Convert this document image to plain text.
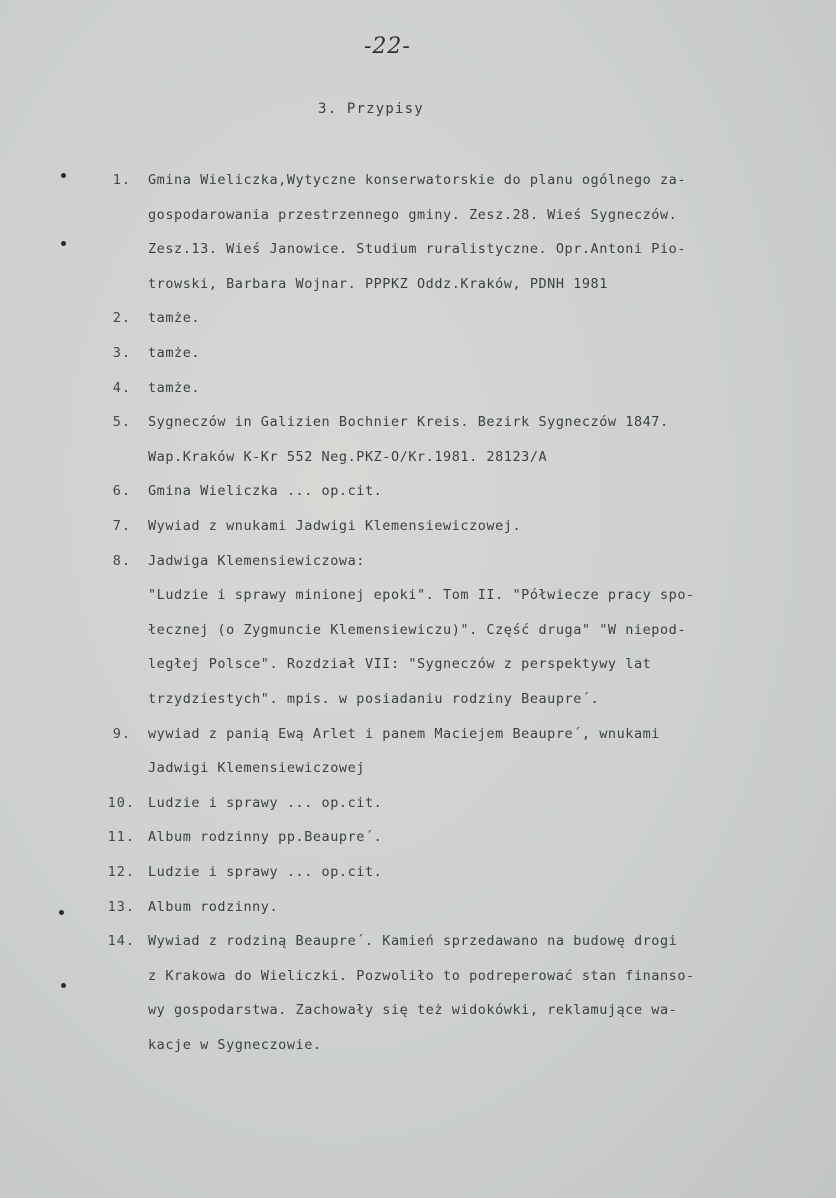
-22-
3. Przypisy
1. Gmina Wieliczka,Wytyczne konserwatorskie do planu ogólnego za-
gospodarowania przestrzennego gminy. Zesz.28. Wieś Sygneczów.
Zesz.13. Wieś Janowice. Studium ruralistyczne. Opr.Antoni Pio-
trowski, Barbara Wojnar. PPPKZ Oddz.Kraków, PDNH 1981
2. tamże.
3. tamże.
4. tamże.
5. Sygneczów in Galizien Bochnier Kreis. Bezirk Sygneczów 1847.
Wap.Kraków K-Kr 552 Neg.PKZ-O/Kr.1981. 28123/A
6. Gmina Wieliczka ... op.cit.
7. Wywiad z wnukami Jadwigi Klemensiewiczowej.
8. Jadwiga Klemensiewiczowa:
"Ludzie i sprawy minionej epoki". Tom II. "Półwiecze pracy spo-
łecznej (o Zygmuncie Klemensiewiczu)". Część druga" "W niepod-
ległej Polsce". Rozdział VII: "Sygneczów z perspektywy lat
trzydziestych". mpis. w posiadaniu rodziny Beaupre´.
9. wywiad z panią Ewą Arlet i panem Maciejem Beaupre´, wnukami
Jadwigi Klemensiewiczowej
10. Ludzie i sprawy ... op.cit.
11. Album rodzinny pp.Beaupre´.
12. Ludzie i sprawy ... op.cit.
13. Album rodzinny.
14. Wywiad z rodziną Beaupre´. Kamień sprzedawano na budowę drogi
z Krakowa do Wieliczki. Pozwoliło to podreperować stan finanso-
wy gospodarstwa. Zachowały się też widokówki, reklamujące wa-
kacje w Sygneczowie.
